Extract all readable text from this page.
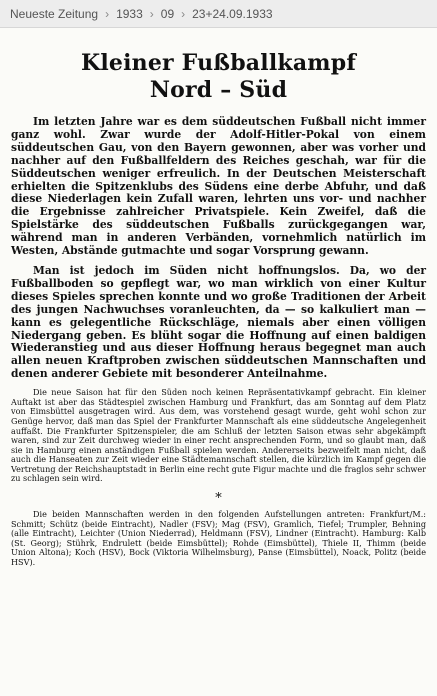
Neueste Zeitung › 1933 › 09 › 23+24.09.1933
Kleiner Fußballkampf
Nord – Süd

Im letzten Jahre war es dem süddeutschen Fußball nicht immer ganz wohl. Zwar wurde der Adolf-Hitler-Pokal von einem süddeutschen Gau, von den Bayern gewonnen, aber was vorher und nachher auf den Fußballfeldern des Reiches geschah, war für die Süddeutschen weniger erfreulich. In der Deutschen Meisterschaft erhielten die Spitzenklubs des Südens eine derbe Abfuhr, und daß diese Niederlagen kein Zufall waren, lehrten uns vor- und nachher die Ergebnisse zahlreicher Privatspiele. Kein Zweifel, daß die Spielstärke des süddeutschen Fußballs zurückgegangen war, während man in anderen Verbänden, vornehmlich natürlich im Westen, Abstände gutmachte und sogar Vorsprung gewann.

Man ist jedoch im Süden nicht hoffnungslos. Da, wo der Fußballboden so gepflegt war, wo man wirklich von einer Kultur dieses Spieles sprechen konnte und wo große Traditionen der Arbeit des jungen Nachwuchses voranleuchten, da — so kalkuliert man — kann es gelegentliche Rückschläge, niemals aber einen völligen Niedergang geben. Es blüht sogar die Hoffnung auf einen baldigen Wiederanstieg und aus dieser Hoffnung heraus begegnet man auch allen neuen Kraftproben zwischen süddeutschen Mannschaften und denen anderer Gebiete mit besonderer Anteilnahme.

Die neue Saison hat für den Süden noch keinen Repräsentativkampf gebracht. Ein kleiner Auftakt ist aber das Städtespiel zwischen Hamburg und Frankfurt, das am Sonntag auf dem Platz von Eimsbüttel ausgetragen wird. Aus dem, was vorstehend gesagt wurde, geht wohl schon zur Genüge hervor, daß man das Spiel der Frankfurter Mannschaft als eine süddeutsche Angelegenheit auffaßt. Die Frankfurter Spitzenspieler, die am Schluß der letzten Saison etwas sehr abgekämpft waren, sind zur Zeit durchweg wieder in einer recht ansprechenden Form, und so glaubt man, daß sie in Hamburg einen anständigen Fußball spielen werden. Andererseits bezweifelt man nicht, daß auch die Hanseaten zur Zeit wieder eine Städtemannschaft stellen, die kürzlich im Kampf gegen die Vertretung der Reichshauptstadt in Berlin eine recht gute Figur machte und die fraglos sehr schwer zu schlagen sein wird.

*

Die beiden Mannschaften werden in den folgenden Aufstellungen antreten: Frankfurt/M.: Schmitt; Schütz (beide Eintracht), Nadler (FSV); Mag (FSV), Gramlich, Tiefel; Trumpler, Behning (alle Eintracht), Leichter (Union Niederrad), Heldmann (FSV), Lindner (Eintracht). Hamburg: Kalb (St. Georg); Stührk, Endrulett (beide Eimsbüttel); Rohde (Eimsbüttel), Thiele II, Thimm (beide Union Altona); Koch (HSV), Bock (Viktoria Wilhelmsburg), Panse (Eimsbüttel), Noack, Politz (beide HSV).
